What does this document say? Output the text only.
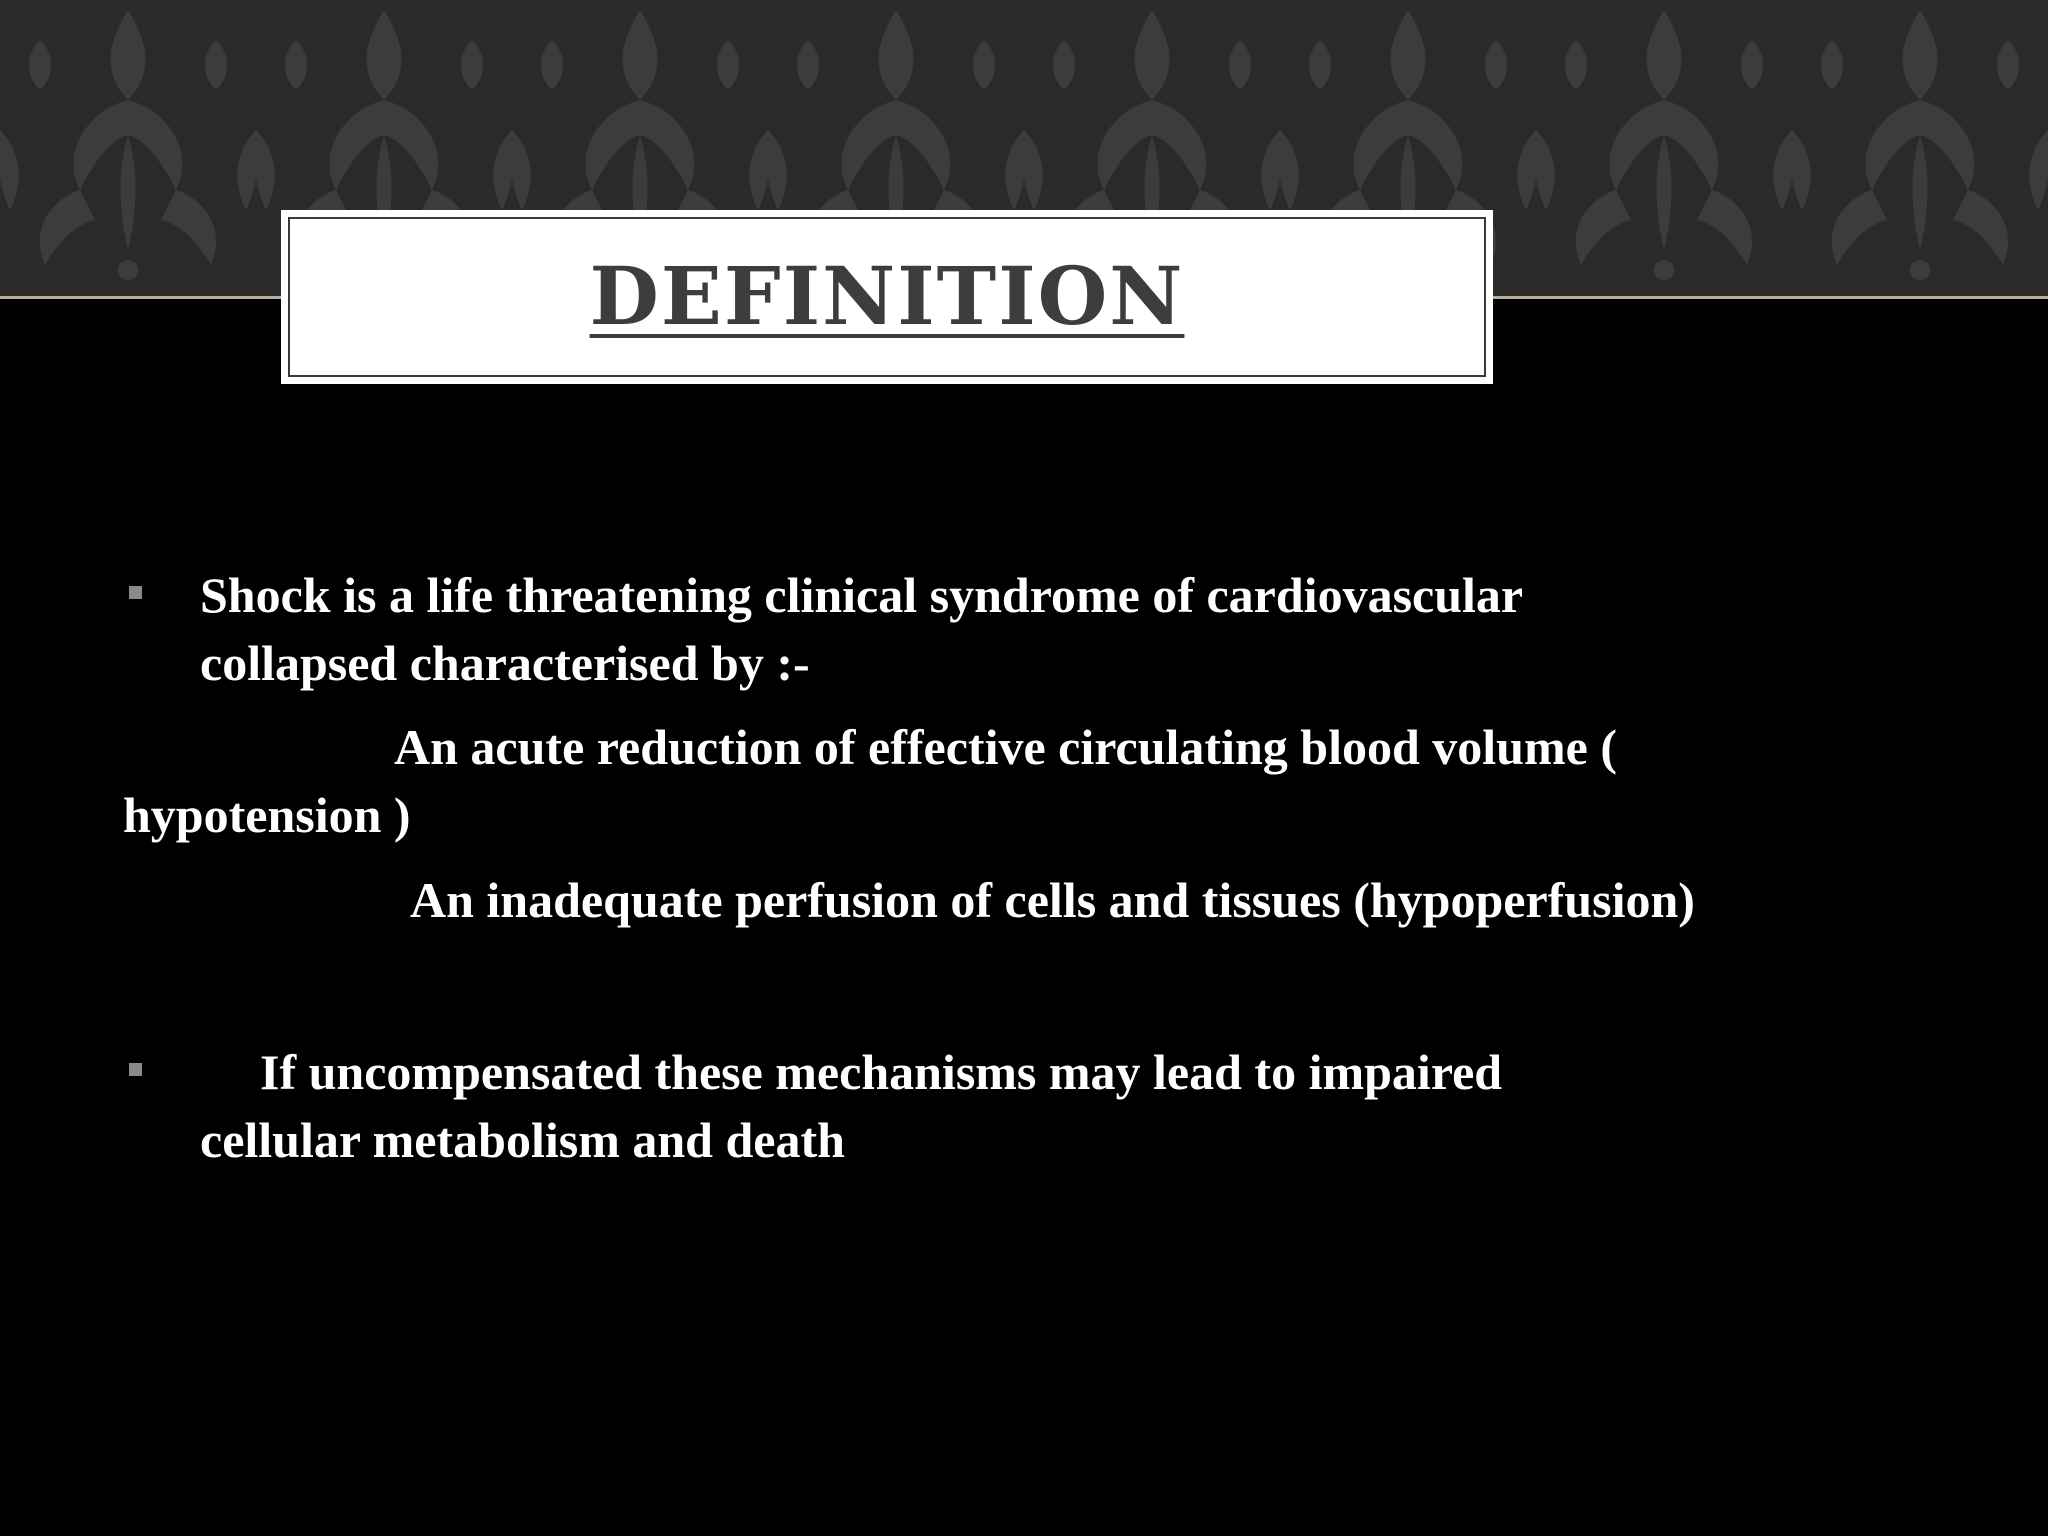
DEFINITION
Shock is a life threatening clinical syndrome of cardiovascular
collapsed characterised by :-
An acute reduction of effective circulating blood volume (
hypotension )
An inadequate perfusion of cells and tissues (hypoperfusion)
If uncompensated these mechanisms may lead to impaired
cellular metabolism and death
